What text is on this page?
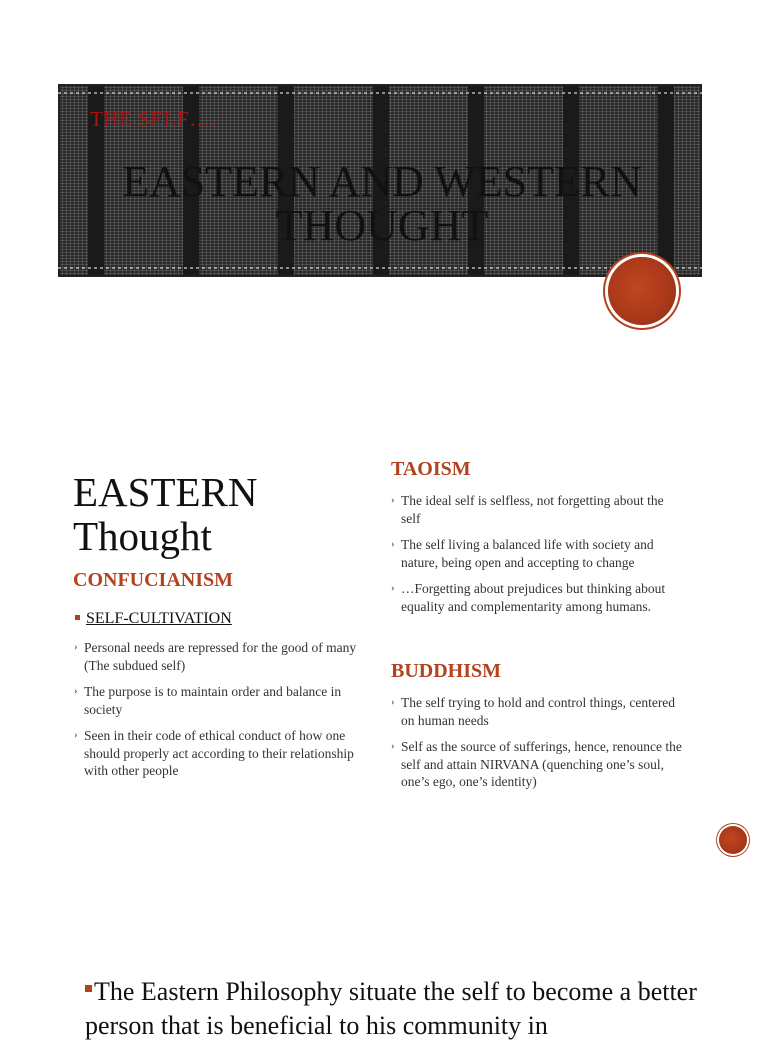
THE SELF….
EASTERN AND WESTERN
THOUGHT
EASTERN
Thought
CONFUCIANISM
SELF-CULTIVATION
› Personal needs are repressed for the good of many (The subdued self)
› The purpose is to maintain order and balance in society
› Seen in their code of ethical conduct of how one should properly act according to their relationship with other people
TAOISM
› The ideal self is selfless, not forgetting about the self
› The self living a balanced life with society and nature, being open and accepting to change
› …Forgetting about prejudices but thinking about equality and complementarity among humans.
BUDDHISM
› The self trying to hold and control things, centered on human needs
› Self as the source of sufferings, hence, renounce the self and attain NIRVANA (quenching one’s soul, one’s ego, one’s identity)
The Eastern Philosophy situate the self to become a better person that is beneficial to his community in
